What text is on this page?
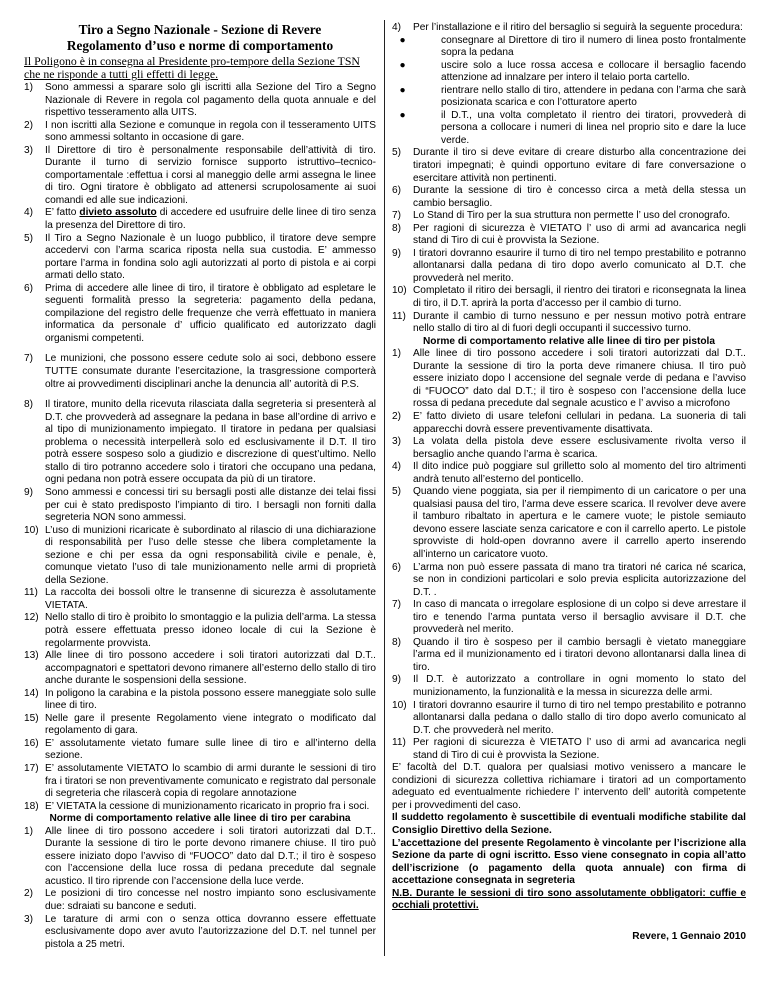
Tiro a Segno Nazionale - Sezione di Revere

Regolamento d’uso e norme di comportamento

Il Poligono è in consegna al Presidente pro-tempore della Sezione TSN che ne risponde a tutti gli effetti di legge.

1)	Sono ammessi a sparare solo gli iscritti alla Sezione del Tiro a Segno Nazionale di Revere in regola col pagamento della quota annuale e del rispettivo tesseramento alla UITS.
2)	I non iscritti alla Sezione e comunque in regola con il tesseramento UITS sono ammessi soltanto in occasione di gare.
3)	Il Direttore di tiro è personalmente responsabile dell’attività di tiro. Durante il turno di servizio fornisce supporto istruttivo–tecnico-comportamentale :effettua i corsi al maneggio delle armi assegna le linee di tiro. Ogni tiratore è obbligato ad attenersi scrupolosamente ai suoi comandi ed alle sue indicazioni.
4)	E’ fatto divieto assoluto di accedere ed usufruire delle linee di tiro senza la presenza del Direttore di tiro.
5)	Il Tiro a Segno Nazionale è un luogo pubblico, il tiratore deve sempre accedervi con l’arma scarica riposta nella sua custodia. E’ ammesso portare l’arma in fondina solo agli autorizzati al porto di pistola e ai corpi armati dello stato.
6)	Prima di accedere alle linee di tiro, il tiratore è obbligato ad espletare le seguenti formalità presso la segreteria: pagamento della pedana, compilazione del registro delle frequenze che verrà effettuato in maniera informatica da personale d’ ufficio qualificato ed autorizzato dagli organismi competenti.
7)	Le munizioni, che possono essere cedute solo ai soci, debbono essere TUTTE consumate durante l’esercitazione, la trasgressione comporterà oltre ai provvedimenti disciplinari anche la denuncia all’ autorità di P.S.
8)	Il tiratore, munito della ricevuta rilasciata dalla segreteria si presenterà al D.T. che provvederà ad assegnare la pedana in base all’ordine di arrivo e al tipo di munizionamento impiegato. Il tiratore in pedana per qualsiasi problema o necessità interpellerà solo ed esclusivamente il D.T. Il tiro potrà essere sospeso solo a giudizio e discrezione di quest’ultimo. Nello stallo di tiro potranno accedere solo i tiratori che occupano una pedana, ogni pedana non potrà essere occupata da più di un tiratore.
9)	Sono ammessi e concessi tiri su bersagli posti alle distanze dei telai fissi per cui è stato predisposto l’impianto di tiro. I bersagli non forniti dalla segreteria NON sono ammessi.
10) L’uso di munizioni ricaricate è subordinato al rilascio di una dichiarazione di responsabilità per l’uso delle stesse che libera completamente la sezione e chi per essa da ogni responsabilità civile e penale, è, comunque vietato l’uso di tale munizionamento nelle armi di proprietà della Sezione.
11) La raccolta dei bossoli oltre le transenne di sicurezza è assolutamente VIETATA.
12) Nello stallo di tiro è proibito lo smontaggio e la pulizia dell’arma. La stessa potrà essere effettuata presso idoneo locale di cui la Sezione è regolarmente provvista.
13) Alle linee di tiro possono accedere i soli tiratori autorizzati dal D.T.. accompagnatori e spettatori devono rimanere all’esterno dello stallo di tiro anche durante le sospensioni della sessione.
14) In poligono la carabina e la pistola possono essere maneggiate solo sulle linee di tiro.
15) Nelle gare il presente Regolamento viene integrato o modificato dal regolamento di gara.
16) E’ assolutamente vietato fumare sulle linee di tiro e all’interno della sezione.
17) E’ assolutamente VIETATO lo scambio di armi durante le sessioni di tiro fra i tiratori se non preventivamente comunicato e registrato dal personale di segreteria che rilascerà copia di regolare annotazione
18) E’ VIETATA la cessione di munizionamento ricaricato in proprio fra i soci.
Norme di comportamento relative alle linee di tiro per carabina
1)	Alle linee di tiro possono accedere i soli tiratori autorizzati dal D.T.. Durante la sessione di tiro le porte devono rimanere chiuse. Il tiro può essere iniziato dopo l’avviso di “FUOCO” dato dal D.T.; il tiro è sospeso con l’accensione della luce rossa di pedana precedute dal segnale acustico. Il tiro riprende con l’accensione della luce verde.
2)	Le posizioni di tiro concesse nel nostro impianto sono esclusivamente due: sdraiati su bancone e seduti.
3)	Le tarature di armi con o senza ottica dovranno essere effettuate esclusivamente dopo aver avuto l’autorizzazione del D.T. nel tunnel per pistola a 25 metri.
4)	Per l’installazione e il ritiro del bersaglio si seguirà la seguente procedura:
●	consegnare al Direttore di tiro il numero di linea posto frontalmente sopra la pedana
●	uscire solo a luce rossa accesa e collocare il bersaglio facendo attenzione ad innalzare per intero il telaio porta cartello.
●	rientrare nello stallo di tiro, attendere in pedana con l’arma che sarà posizionata scarica e con l’otturatore aperto
●	il D.T., una volta completato il rientro dei tiratori, provvederà di persona a collocare i numeri di linea nel proprio sito e dare la luce verde.
5)	Durante il tiro si deve evitare di creare disturbo alla concentrazione dei tiratori impegnati; è quindi opportuno evitare di fare conversazione o esercitare attività non pertinenti.
6)	Durante la sessione di tiro è concesso circa a metà della stessa un cambio bersaglio.
7)	Lo Stand di Tiro per la sua struttura non permette l’ uso del cronografo.
8)	Per ragioni di sicurezza è VIETATO l’ uso di armi ad avancarica negli stand di Tiro di cui è provvista la Sezione.
9)	I tiratori dovranno esaurire il turno di tiro nel tempo prestabilito e potranno allontanarsi dalla pedana di tiro dopo averlo comunicato al D.T. che provvederà nel merito.
10) Completato il ritiro dei bersagli, il rientro dei tiratori e riconsegnata la linea di tiro, il D.T. aprirà la porta d’accesso per il cambio di turno.
11) Durante il cambio di turno nessuno e per nessun motivo potrà entrare nello stallo di tiro al di fuori degli occupanti il successivo turno.
Norme di comportamento relative alle linee di tiro per pistola
1)	Alle linee di tiro possono accedere i soli tiratori autorizzati dal D.T.. Durante la sessione di tiro la porta deve rimanere chiusa. Il tiro può essere iniziato dopo l accensione del segnale verde di pedana e l’avviso di “FUOCO” dato dal D.T.; il tiro è sospeso con l’accensione della luce rossa di pedana precedute dal segnale acustico e l’ avviso a microfono
2)	E’ fatto divieto di usare telefoni cellulari in pedana. La suoneria di tali apparecchi dovrà essere preventivamente disattivata.
3)	La volata della pistola deve essere esclusivamente rivolta verso il bersaglio anche quando l’arma è scarica.
4)	Il dito indice può poggiare sul grilletto solo al momento del tiro altrimenti andrà tenuto all’esterno del ponticello.
5)	Quando viene poggiata, sia per il riempimento di un caricatore o per una qualsiasi pausa del tiro, l’arma deve essere scarica. Il revolver deve avere il tamburo ribaltato in apertura e le camere vuote; le pistole semiauto devono essere lasciate senza caricatore e con il carrello aperto. Le pistole sprovviste di hold-open dovranno avere il carrello aperto inserendo all’interno un caricatore vuoto.
6)	L’arma non può essere passata di mano tra tiratori né carica né scarica, se non in condizioni particolari e solo previa esplicita autorizzazione del D.T. .
7)	In caso di mancata o irregolare esplosione di un colpo si deve arrestare il tiro e tenendo l’arma puntata verso il bersaglio avvisare il D.T. che provvederà nel merito.
8)	Quando il tiro è sospeso per il cambio bersagli è vietato maneggiare l’arma ed il munizionamento ed i tiratori devono allontanarsi dalla linea di tiro.
9)	Il D.T. è autorizzato a controllare in ogni momento lo stato del munizionamento, la funzionalità e la messa in sicurezza delle armi.
10) I tiratori dovranno esaurire il turno di tiro nel tempo prestabilito e potranno allontanarsi dalla pedana o dallo stallo di tiro dopo averlo comunicato al D.T. che provvederà nel merito.
11) Per ragioni di sicurezza è VIETATO l’ uso di armi ad avancarica negli stand di Tiro di cui è provvista la Sezione.

E’ facoltà del D.T. qualora per qualsiasi motivo venissero a mancare le condizioni di sicurezza collettiva richiamare i tiratori ad un comportamento adeguato ed eventualmente richiedere l’ intervento dell’ autorità competente per i provvedimenti del caso.

Il suddetto regolamento è suscettibile di eventuali modifiche stabilite dal Consiglio Direttivo della Sezione.

L’accettazione del presente Regolamento è vincolante per l’iscrizione alla Sezione da parte di ogni iscritto. Esso viene consegnato in copia all’atto dell’iscrizione (o pagamento della quota annuale) con firma di accettazione consegnata in segreteria

N.B. Durante le sessioni di tiro sono assolutamente obbligatori: cuffie e occhiali protettivi.

Revere, 1 Gennaio 2010
